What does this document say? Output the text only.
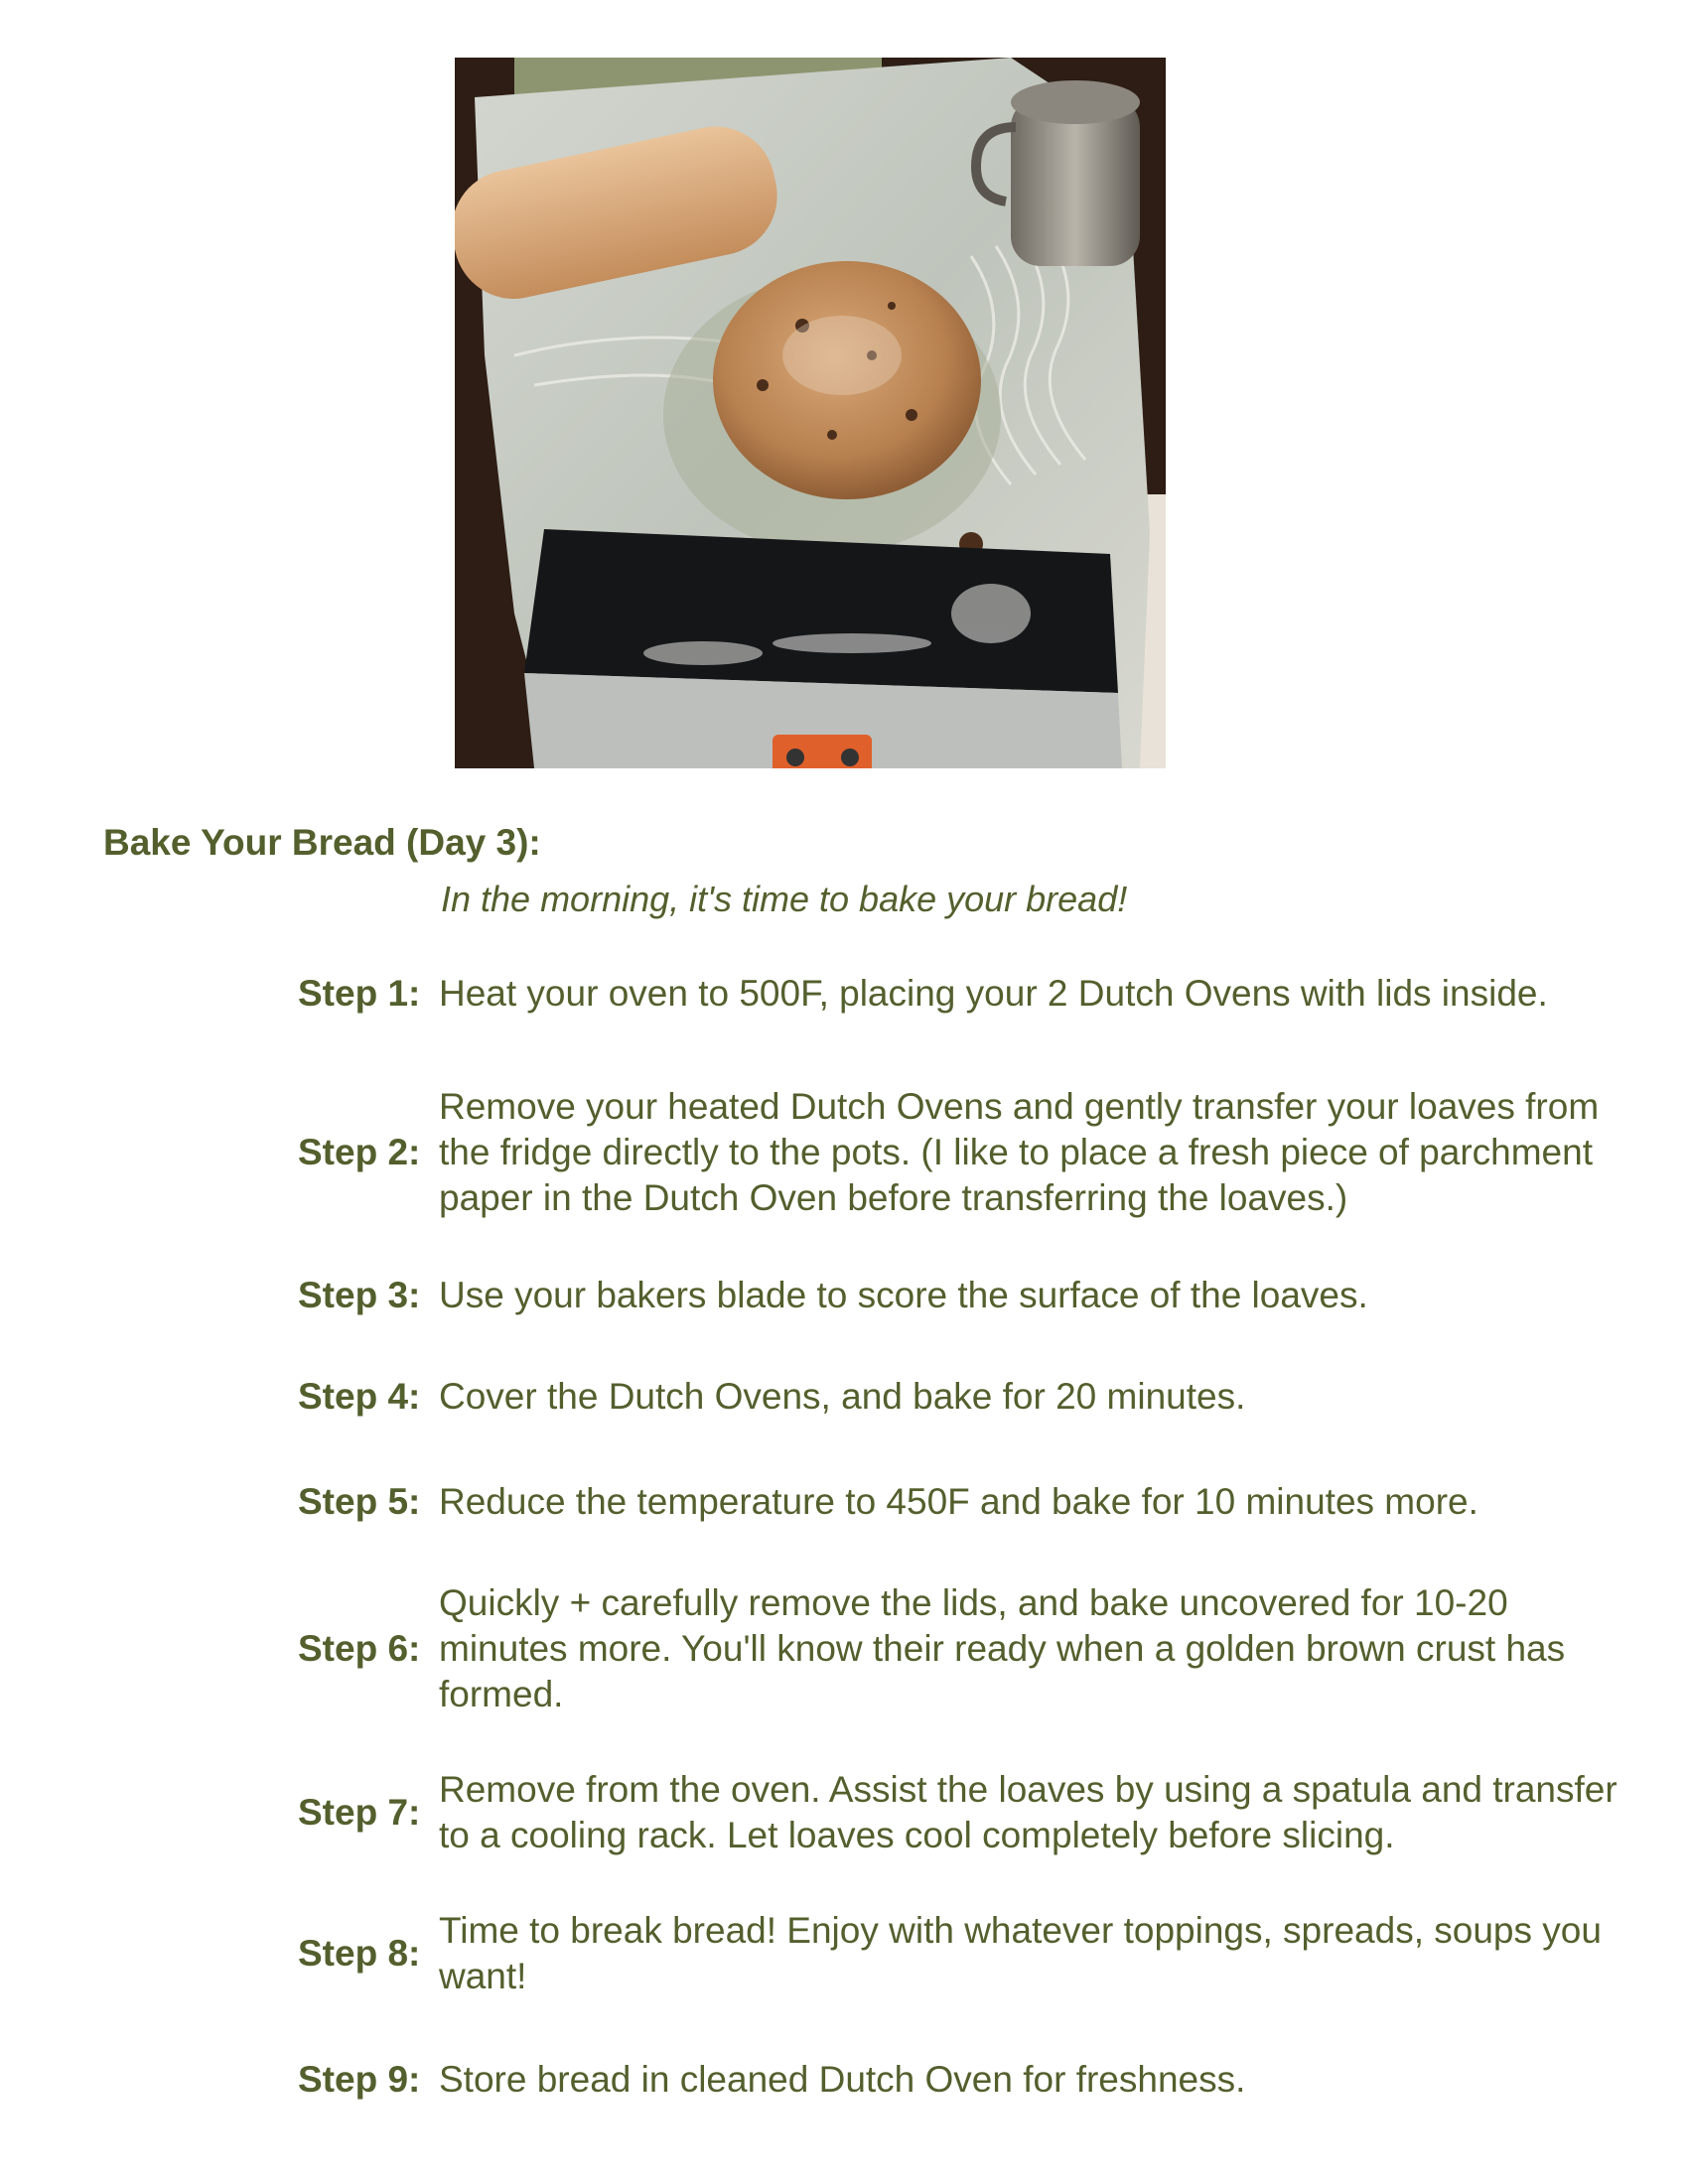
Bake Your Bread (Day 3):
In the morning, it's time to bake your bread!
Step 1: Heat your oven to 500F, placing your 2 Dutch Ovens with lids inside.
Step 2:
Remove your heated Dutch Ovens and gently transfer your loaves from the fridge directly to the pots. (I like to place a fresh piece of parchment paper in the Dutch Oven before transferring the loaves.)
Step 3: Use your bakers blade to score the surface of the loaves.
Step 4: Cover the Dutch Ovens, and bake for 20 minutes.
Step 5: Reduce the temperature to 450F and bake for 10 minutes more.
Step 6:
Quickly + carefully remove the lids, and bake uncovered for 10-20 minutes more. You'll know their ready when a golden brown crust has formed.
Step 7:
Remove from the oven. Assist the loaves by using a spatula and transfer to a cooling rack. Let loaves cool completely before slicing.
Step 8:
Time to break bread! Enjoy with whatever toppings, spreads, soups you want!
Step 9: Store bread in cleaned Dutch Oven for freshness.
